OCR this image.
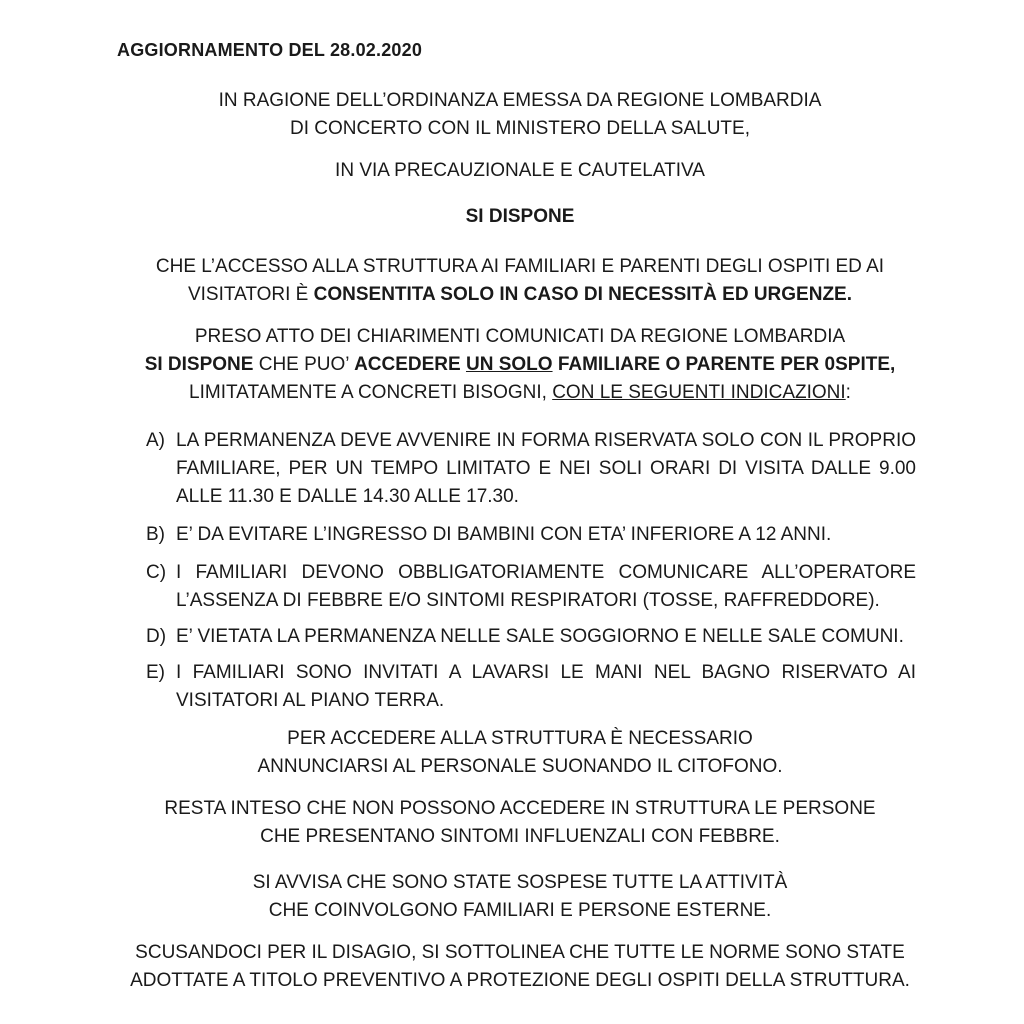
AGGIORNAMENTO DEL 28.02.2020
IN RAGIONE DELL’ORDINANZA EMESSA DA REGIONE LOMBARDIA
DI CONCERTO CON IL MINISTERO DELLA SALUTE,
IN VIA PRECAUZIONALE E CAUTELATIVA
SI DISPONE
CHE L’ACCESSO ALLA STRUTTURA AI FAMILIARI E PARENTI DEGLI OSPITI ED AI
VISITATORI È CONSENTITA SOLO IN CASO DI NECESSITÀ ED URGENZE.
PRESO ATTO DEI CHIARIMENTI COMUNICATI DA REGIONE LOMBARDIA
SI DISPONE CHE PUO’ ACCEDERE UN SOLO FAMILIARE O PARENTE PER 0SPITE,
LIMITATAMENTE A CONCRETI BISOGNI, CON LE SEGUENTI INDICAZIONI:
A) LA PERMANENZA DEVE AVVENIRE IN FORMA RISERVATA SOLO CON IL PROPRIO FAMILIARE, PER UN TEMPO LIMITATO E NEI SOLI ORARI DI VISITA DALLE 9.00 ALLE 11.30 E DALLE 14.30 ALLE 17.30.
B) E’ DA EVITARE L’INGRESSO DI BAMBINI CON ETA’ INFERIORE A 12 ANNI.
C) I FAMILIARI DEVONO OBBLIGATORIAMENTE COMUNICARE ALL’OPERATORE L’ASSENZA DI FEBBRE E/O SINTOMI RESPIRATORI (TOSSE, RAFFREDDORE).
D) E’ VIETATA LA PERMANENZA NELLE SALE SOGGIORNO E NELLE SALE COMUNI.
E) I FAMILIARI SONO INVITATI A LAVARSI LE MANI NEL BAGNO RISERVATO AI VISITATORI AL PIANO TERRA.
PER ACCEDERE ALLA STRUTTURA È NECESSARIO
ANNUNCIARSI AL PERSONALE SUONANDO IL CITOFONO.
RESTA INTESO CHE NON POSSONO ACCEDERE IN STRUTTURA LE PERSONE
CHE PRESENTANO SINTOMI INFLUENZALI CON FEBBRE.
SI AVVISA CHE SONO STATE SOSPESE TUTTE LA ATTIVITÀ
CHE COINVOLGONO FAMILIARI E PERSONE ESTERNE.
SCUSANDOCI PER IL DISAGIO, SI SOTTOLINEA CHE TUTTE LE NORME SONO STATE
ADOTTATE A TITOLO PREVENTIVO A PROTEZIONE DEGLI OSPITI DELLA STRUTTURA.
